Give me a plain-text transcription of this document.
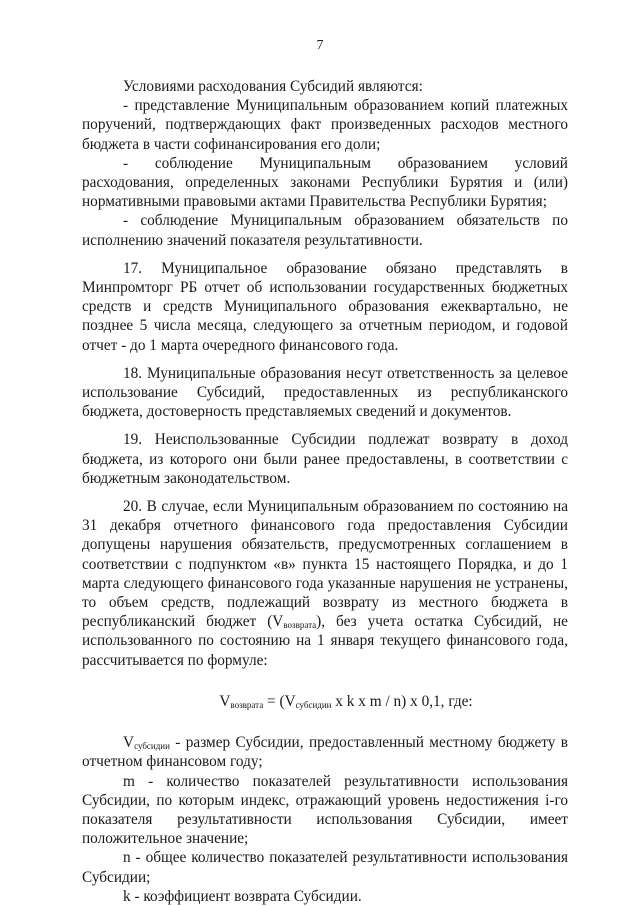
7

Условиями расходования Субсидий являются:

- представление Муниципальным образованием копий платежных поручений, подтверждающих факт произведенных расходов местного бюджета в части софинансирования его доли;

- соблюдение Муниципальным образованием условий расходования, определенных законами Республики Бурятия и (или) нормативными правовыми актами Правительства Республики Бурятия;

- соблюдение Муниципальным образованием обязательств по исполнению значений показателя результативности.

17. Муниципальное образование обязано представлять в Минпромторг РБ отчет об использовании государственных бюджетных средств и средств Муниципального образования ежеквартально, не позднее 5 числа месяца, следующего за отчетным периодом, и годовой отчет - до 1 марта очередного финансового года.

18. Муниципальные образования несут ответственность за целевое использование Субсидий, предоставленных из республиканского бюджета, достоверность представляемых сведений и документов.

19. Неиспользованные Субсидии подлежат возврату в доход бюджета, из которого они были ранее предоставлены, в соответствии с бюджетным законодательством.

20. В случае, если Муниципальным образованием по состоянию на 31 декабря отчетного финансового года предоставления Субсидии допущены нарушения обязательств, предусмотренных соглашением в соответствии с подпунктом «в» пункта 15 настоящего Порядка, и до 1 марта следующего финансового года указанные нарушения не устранены, то объем средств, подлежащий возврату из местного бюджета в республиканский бюджет $(V_{возврата})$, без учета остатка Субсидий, не использованного по состоянию на 1 января текущего финансового года, рассчитывается по формуле:

$V_{возврата} = (V_{субсидии}$ x k x m / n) x 0,1, где:

$V_{субсидии}$ - размер Субсидии, предоставленный местному бюджету в отчетном финансовом году;

m - количество показателей результативности использования Субсидии, по которым индекс, отражающий уровень недостижения i-го показателя результативности использования Субсидии, имеет положительное значение;

n - общее количество показателей результативности использования Субсидии;

k - коэффициент возврата Субсидии.
